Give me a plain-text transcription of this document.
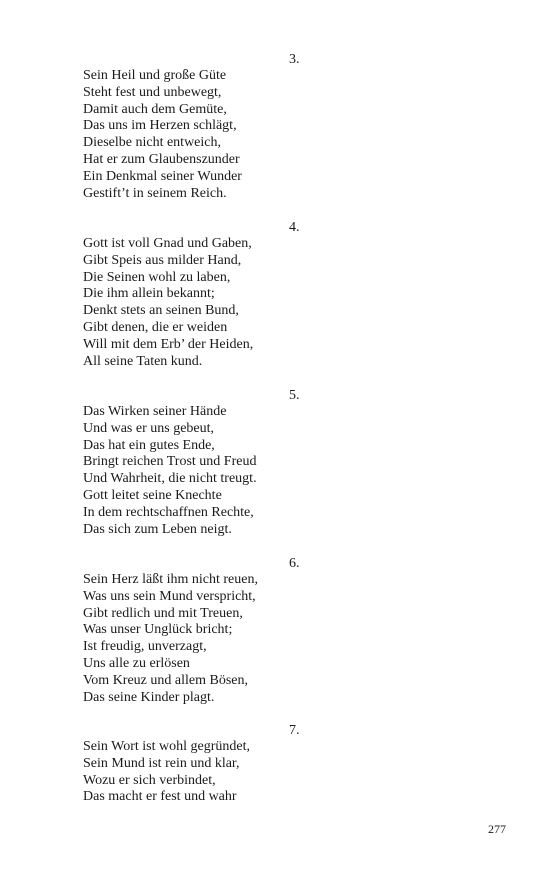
3.
Sein Heil und große Güte
Steht fest und unbewegt,
Damit auch dem Gemüte,
Das uns im Herzen schlägt,
Dieselbe nicht entweich,
Hat er zum Glaubenszunder
Ein Denkmal seiner Wunder
Gestift’t in seinem Reich.
4.
Gott ist voll Gnad und Gaben,
Gibt Speis aus milder Hand,
Die Seinen wohl zu laben,
Die ihm allein bekannt;
Denkt stets an seinen Bund,
Gibt denen, die er weiden
Will mit dem Erb’ der Heiden,
All seine Taten kund.
5.
Das Wirken seiner Hände
Und was er uns gebeut,
Das hat ein gutes Ende,
Bringt reichen Trost und Freud
Und Wahrheit, die nicht treugt.
Gott leitet seine Knechte
In dem rechtschaffnen Rechte,
Das sich zum Leben neigt.
6.
Sein Herz läßt ihm nicht reuen,
Was uns sein Mund verspricht,
Gibt redlich und mit Treuen,
Was unser Unglück bricht;
Ist freudig, unverzagt,
Uns alle zu erlösen
Vom Kreuz und allem Bösen,
Das seine Kinder plagt.
7.
Sein Wort ist wohl gegründet,
Sein Mund ist rein und klar,
Wozu er sich verbindet,
Das macht er fest und wahr
277
